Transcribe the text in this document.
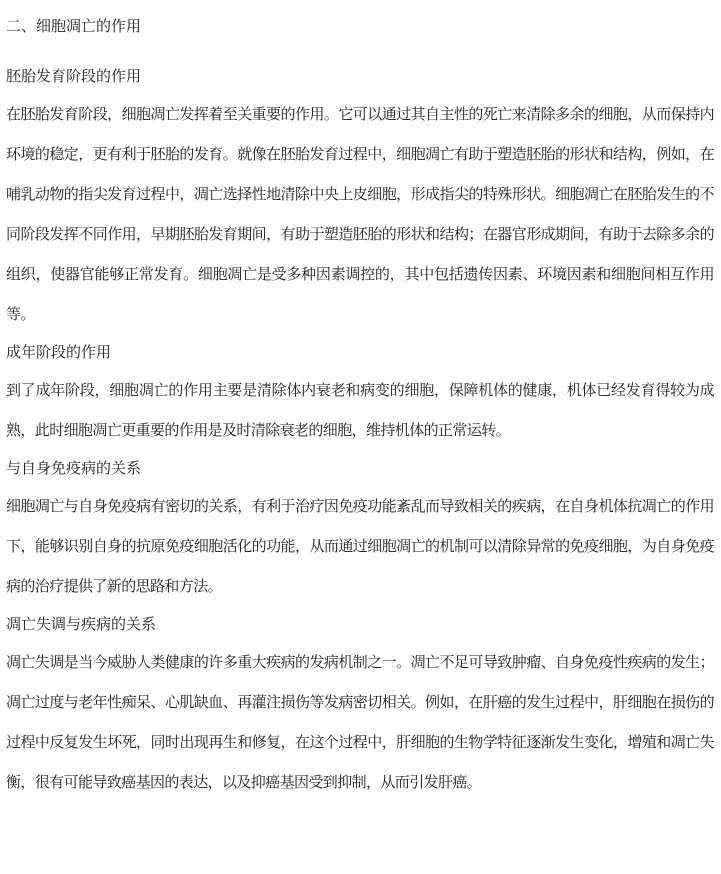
二、细胞凋亡的作用
胚胎发育阶段的作用

在胚胎发育阶段，细胞凋亡发挥着至关重要的作用。它可以通过其自主性的死亡来清除多余的细胞，从而保持内环境的稳定，更有利于胚胎的发育。就像在胚胎发育过程中，细胞凋亡有助于塑造胚胎的形状和结构，例如，在哺乳动物的指尖发育过程中，凋亡选择性地清除中央上皮细胞，形成指尖的特殊形状。细胞凋亡在胚胎发生的不同阶段发挥不同作用，早期胚胎发育期间，有助于塑造胚胎的形状和结构；在器官形成期间，有助于去除多余的组织，使器官能够正常发育。细胞凋亡是受多种因素调控的，其中包括遗传因素、环境因素和细胞间相互作用等。

成年阶段的作用

到了成年阶段，细胞凋亡的作用主要是清除体内衰老和病变的细胞，保障机体的健康，机体已经发育得较为成熟，此时细胞凋亡更重要的作用是及时清除衰老的细胞，维持机体的正常运转。

与自身免疫病的关系

细胞凋亡与自身免疫病有密切的关系，有利于治疗因免疫功能紊乱而导致相关的疾病，在自身机体抗凋亡的作用下，能够识别自身的抗原免疫细胞活化的功能，从而通过细胞凋亡的机制可以清除异常的免疫细胞，为自身免疫病的治疗提供了新的思路和方法。

凋亡失调与疾病的关系

凋亡失调是当今威胁人类健康的许多重大疾病的发病机制之一。凋亡不足可导致肿瘤、自身免疫性疾病的发生；凋亡过度与老年性痴呆、心肌缺血、再灌注损伤等发病密切相关。例如，在肝癌的发生过程中，肝细胞在损伤的过程中反复发生坏死，同时出现再生和修复，在这个过程中，肝细胞的生物学特征逐渐发生变化，增殖和凋亡失衡，很有可能导致癌基因的表达，以及抑癌基因受到抑制，从而引发肝癌。
